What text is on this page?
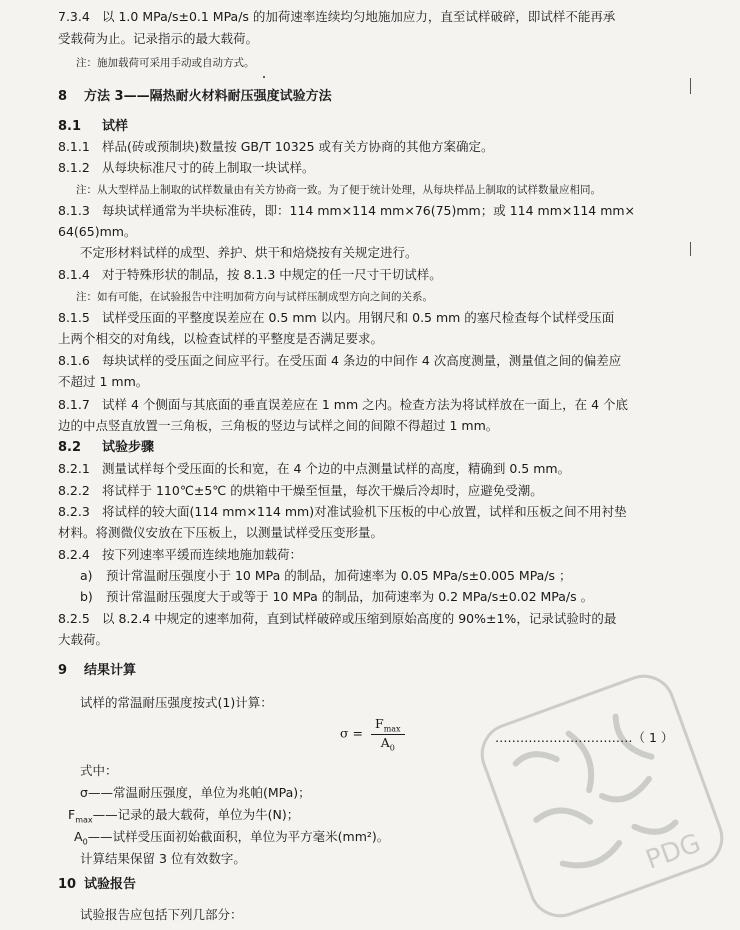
7.3.4 以 1.0 MPa/s±0.1 MPa/s 的加荷速率连续均匀地施加应力，直至试样破碎，即试样不能再承
受载荷为止。记录指示的最大载荷。
注：施加载荷可采用手动或自动方式。
8 方法 3——隔热耐火材料耐压强度试验方法
8.1 试样
8.1.1 样品(砖或预制块)数量按 GB/T 10325 或有关方协商的其他方案确定。
8.1.2 从每块标准尺寸的砖上制取一块试样。
注：从大型样品上制取的试样数量由有关方协商一致。为了便于统计处理，从每块样品上制取的试样数量应相同。
8.1.3 每块试样通常为半块标准砖，即：114 mm×114 mm×76(75)mm；或 114 mm×114 mm×
64(65)mm。
不定形材料试样的成型、养护、烘干和焙烧按有关规定进行。
8.1.4 对于特殊形状的制品，按 8.1.3 中规定的任一尺寸干切试样。
注：如有可能，在试验报告中注明加荷方向与试样压制成型方向之间的关系。
8.1.5 试样受压面的平整度误差应在 0.5 mm 以内。用钢尺和 0.5 mm 的塞尺检查每个试样受压面
上两个相交的对角线，以检查试样的平整度是否满足要求。
8.1.6 每块试样的受压面之间应平行。在受压面 4 条边的中间作 4 次高度测量，测量值之间的偏差应
不超过 1 mm。
8.1.7 试样 4 个侧面与其底面的垂直误差应在 1 mm 之内。检查方法为将试样放在一面上，在 4 个底
边的中点竖直放置一三角板，三角板的竖边与试样之间的间隙不得超过 1 mm。
8.2 试验步骤
8.2.1 测量试样每个受压面的长和宽，在 4 个边的中点测量试样的高度，精确到 0.5 mm。
8.2.2 将试样于 110℃±5℃ 的烘箱中干燥至恒量，每次干燥后冷却时，应避免受潮。
8.2.3 将试样的较大面(114 mm×114 mm)对准试验机下压板的中心放置，试样和压板之间不用衬垫
材料。将测微仪安放在下压板上，以测量试样受压变形量。
8.2.4 按下列速率平缓而连续地施加载荷：
a) 预计常温耐压强度小于 10 MPa 的制品，加荷速率为 0.05 MPa/s±0.005 MPa/s ；
b) 预计常温耐压强度大于或等于 10 MPa 的制品，加荷速率为 0.2 MPa/s±0.02 MPa/s 。
8.2.5 以 8.2.4 中规定的速率加荷，直到试样破碎或压缩到原始高度的 90%±1%，记录试验时的最
大载荷。
9 结果计算
试样的常温耐压强度按式(1)计算：
$\sigma = \frac{F_{max}}{A_0}$	……………………………（ 1 ）
式中：
σ——常温耐压强度，单位为兆帕(MPa)；
$F_{max}——$记录的最大载荷，单位为牛(N)；
$A_0——$试样受压面初始截面积，单位为平方毫米(mm²)。
计算结果保留 3 位有效数字。
10 试验报告
试验报告应包括下列几部分：
PDG
